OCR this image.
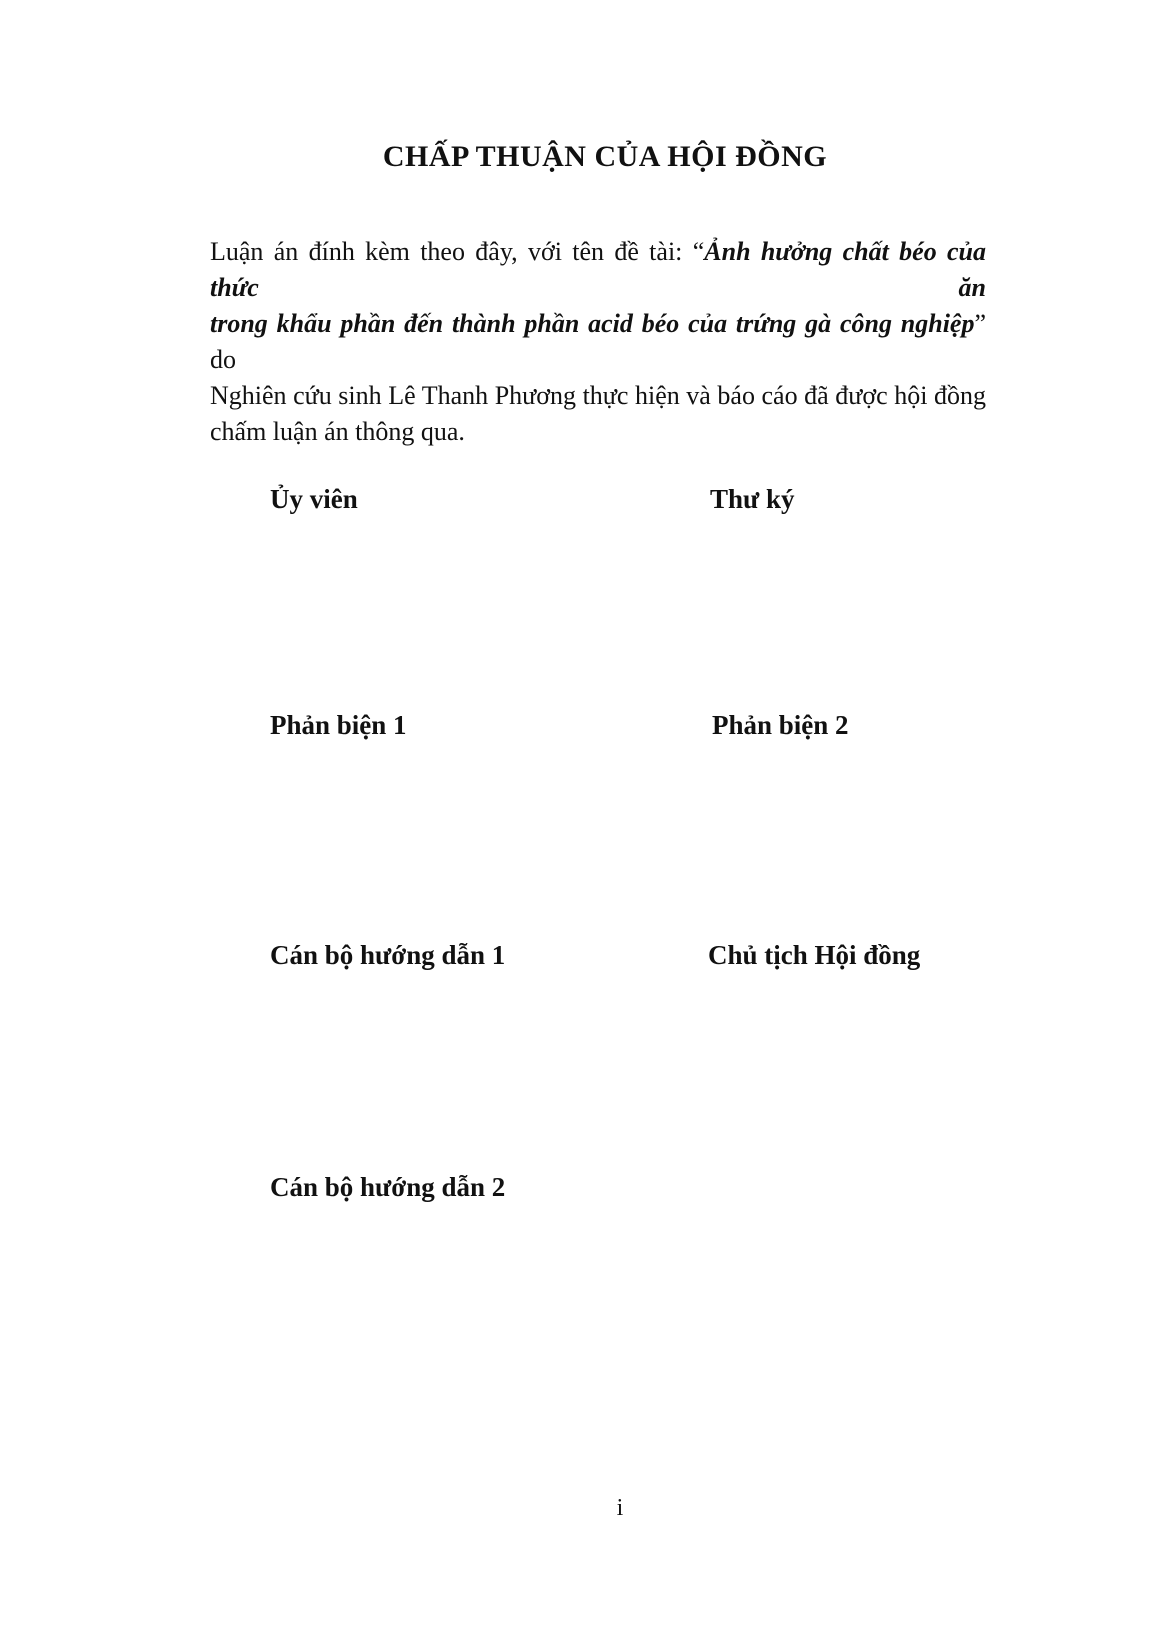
CHẤP THUẬN CỦA HỘI ĐỒNG
Luận án đính kèm theo đây, với tên đề tài: “Ảnh hưởng chất béo của thức ăn
trong khẩu phần đến thành phần acid béo của trứng gà công nghiệp” do
Nghiên cứu sinh Lê Thanh Phương thực hiện và báo cáo đã được hội đồng
chấm luận án thông qua.

Ủy viên	Thư ký

Phản biện 1	Phản biện 2

Cán bộ hướng dẫn 1	Chủ tịch Hội đồng

Cán bộ hướng dẫn 2

i
